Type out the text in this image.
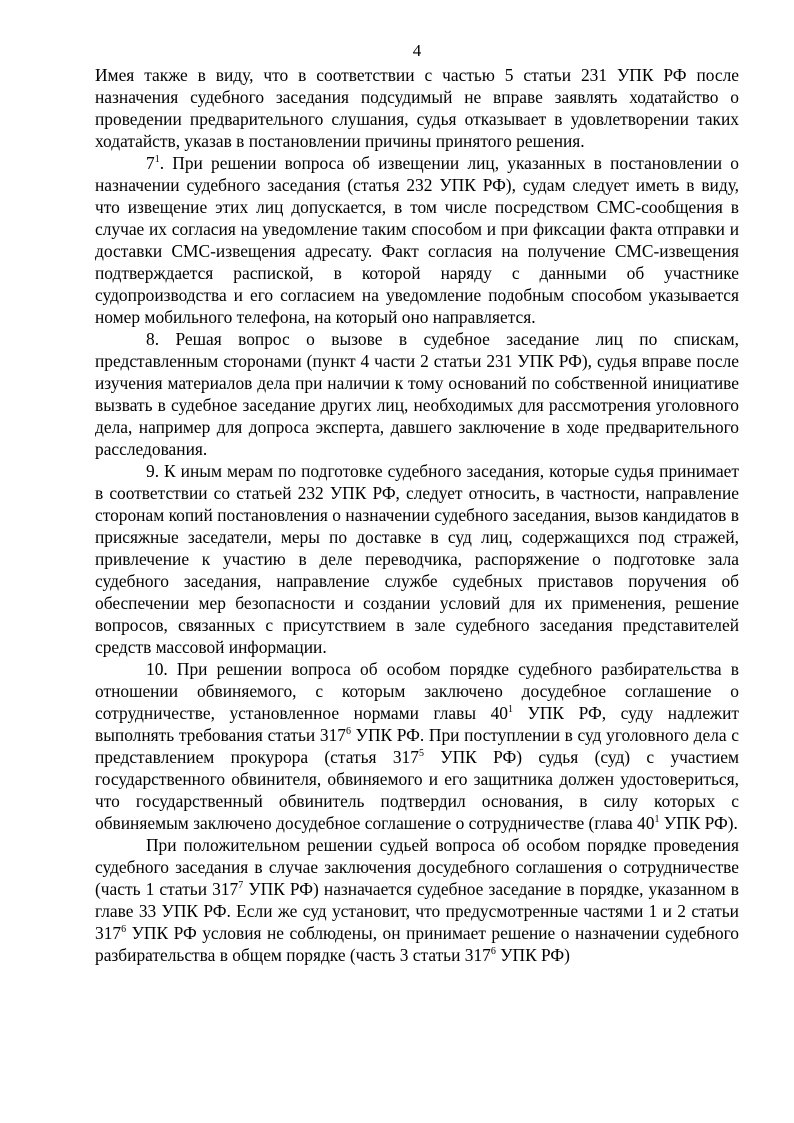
4

Имея также в виду, что в соответствии с частью 5 статьи 231 УПК РФ после назначения судебного заседания подсудимый не вправе заявлять ходатайство о проведении предварительного слушания, судья отказывает в удовлетворении таких ходатайств, указав в постановлении причины принятого решения.

$7^1$. При решении вопроса об извещении лиц, указанных в постановлении о назначении судебного заседания (статья 232 УПК РФ), судам следует иметь в виду, что извещение этих лиц допускается, в том числе посредством СМС-сообщения в случае их согласия на уведомление таким способом и при фиксации факта отправки и доставки СМС-извещения адресату. Факт согласия на получение СМС-извещения подтверждается распиской, в которой наряду с данными об участнике судопроизводства и его согласием на уведомление подобным способом указывается номер мобильного телефона, на который оно направляется.

8. Решая вопрос о вызове в судебное заседание лиц по спискам, представленным сторонами (пункт 4 части 2 статьи 231 УПК РФ), судья вправе после изучения материалов дела при наличии к тому оснований по собственной инициативе вызвать в судебное заседание других лиц, необходимых для рассмотрения уголовного дела, например для допроса эксперта, давшего заключение в ходе предварительного расследования.

9. К иным мерам по подготовке судебного заседания, которые судья принимает в соответствии со статьей 232 УПК РФ, следует относить, в частности, направление сторонам копий постановления о назначении судебного заседания, вызов кандидатов в присяжные заседатели, меры по доставке в суд лиц, содержащихся под стражей, привлечение к участию в деле переводчика, распоряжение о подготовке зала судебного заседания, направление службе судебных приставов поручения об обеспечении мер безопасности и создании условий для их применения, решение вопросов, связанных с присутствием в зале судебного заседания представителей средств массовой информации.

10. При решении вопроса об особом порядке судебного разбирательства в отношении обвиняемого, с которым заключено досудебное соглашение о сотрудничестве, установленное нормами главы $40^1$ УПК РФ, суду надлежит выполнять требования статьи $317^6$ УПК РФ. При поступлении в суд уголовного дела с представлением прокурора (статья $317^5$ УПК РФ) судья (суд) с участием государственного обвинителя, обвиняемого и его защитника должен удостовериться, что государственный обвинитель подтвердил основания, в силу которых с обвиняемым заключено досудебное соглашение о сотрудничестве (глава $40^1$ УПК РФ).

При положительном решении судьей вопроса об особом порядке проведения судебного заседания в случае заключения досудебного соглашения о сотрудничестве (часть 1 статьи $317^7$ УПК РФ) назначается судебное заседание в порядке, указанном в главе 33 УПК РФ. Если же суд установит, что предусмотренные частями 1 и 2 статьи $317^6$ УПК РФ условия не соблюдены, он принимает решение о назначении судебного разбирательства в общем порядке (часть 3 статьи $317^6$ УПК РФ)
